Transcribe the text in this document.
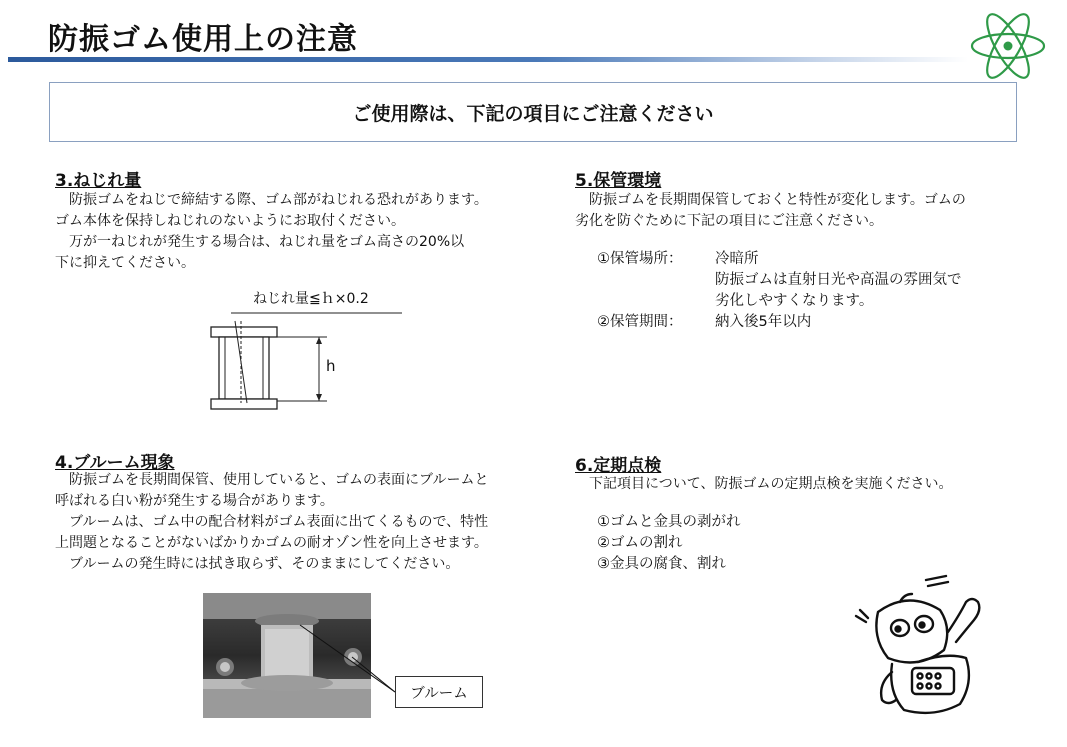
防振ゴム使用上の注意
ご使用際は、下記の項目にご注意ください
3.ねじれ量

　防振ゴムをねじで締結する際、ゴム部がねじれる恐れがあります。

ゴム本体を保持しねじれのないようにお取付ください。

　万が一ねじれが発生する場合は、ねじれ量をゴム高さの20%以

下に抑えてください。

ねじれ量≦ｈ×0.2
h
4.ブルーム現象

　防振ゴムを長期間保管、使用していると、ゴムの表面にブルームと

呼ばれる白い粉が発生する場合があります。

　ブルームは、ゴム中の配合材料がゴム表面に出てくるもので、特性

上問題となることがないばかりかゴムの耐オゾン性を向上させます。

　ブルームの発生時には拭き取らず、そのままにしてください。

ブルーム
5.保管環境

　防振ゴムを長期間保管しておくと特性が変化します。ゴムの

劣化を防ぐために下記の項目にご注意ください。

①保管場所：	冷暗所
防振ゴムは直射日光や高温の雰囲気で
劣化しやすくなります。
②保管期間：	納入後5年以内
6.定期点検
　下記項目について、防振ゴムの定期点検を実施ください。
①ゴムと金具の剥がれ
②ゴムの割れ
③金具の腐食、割れ
